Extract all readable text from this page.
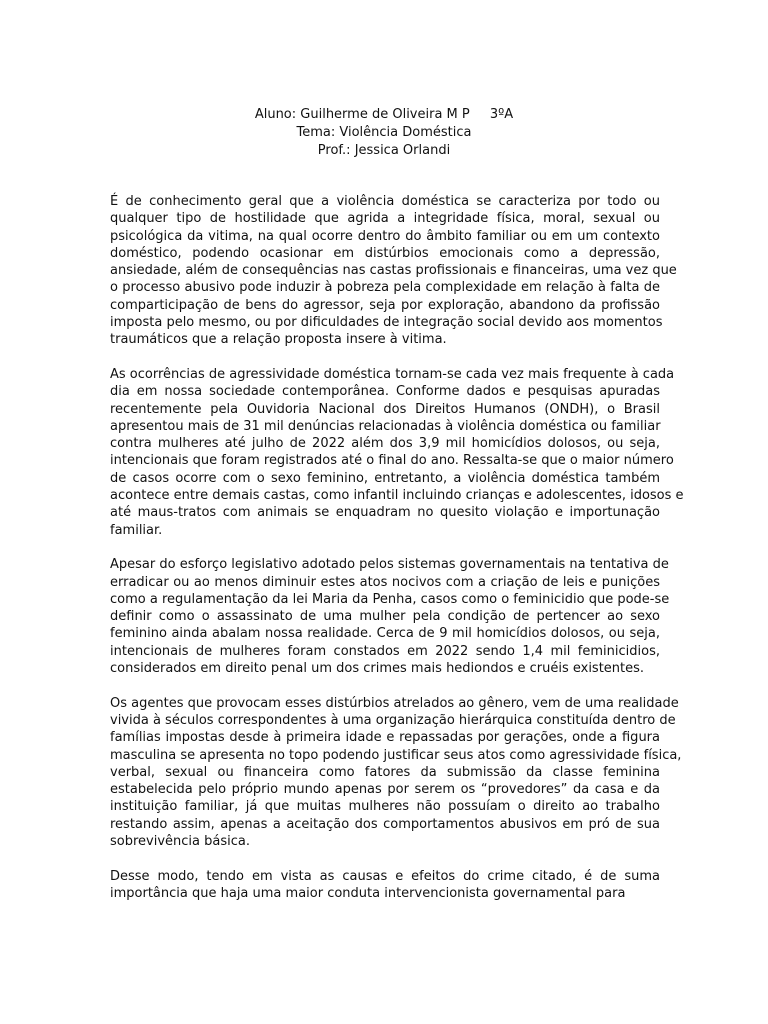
Aluno: Guilherme de Oliveira M P 3ºA
Tema: Violência Doméstica
Prof.: Jessica Orlandi
É de conhecimento geral que a violência doméstica se caracteriza por todo ou
qualquer tipo de hostilidade que agrida a integridade física, moral, sexual ou
psicológica da vitima, na qual ocorre dentro do âmbito familiar ou em um contexto
doméstico, podendo ocasionar em distúrbios emocionais como a depressão,
ansiedade, além de consequências nas castas profissionais e financeiras, uma vez que
o processo abusivo pode induzir à pobreza pela complexidade em relação à falta de
comparticipação de bens do agressor, seja por exploração, abandono da profissão
imposta pelo mesmo, ou por dificuldades de integração social devido aos momentos
traumáticos que a relação proposta insere à vitima.
As ocorrências de agressividade doméstica tornam-se cada vez mais frequente à cada
dia em nossa sociedade contemporânea. Conforme dados e pesquisas apuradas
recentemente pela Ouvidoria Nacional dos Direitos Humanos (ONDH), o Brasil
apresentou mais de 31 mil denúncias relacionadas à violência doméstica ou familiar
contra mulheres até julho de 2022 além dos 3,9 mil homicídios dolosos, ou seja,
intencionais que foram registrados até o final do ano. Ressalta-se que o maior número
de casos ocorre com o sexo feminino, entretanto, a violência doméstica também
acontece entre demais castas, como infantil incluindo crianças e adolescentes, idosos e
até maus-tratos com animais se enquadram no quesito violação e importunação
familiar.
Apesar do esforço legislativo adotado pelos sistemas governamentais na tentativa de
erradicar ou ao menos diminuir estes atos nocivos com a criação de leis e punições
como a regulamentação da lei Maria da Penha, casos como o feminicidio que pode-se
definir como o assassinato de uma mulher pela condição de pertencer ao sexo
feminino ainda abalam nossa realidade. Cerca de 9 mil homicídios dolosos, ou seja,
intencionais de mulheres foram constados em 2022 sendo 1,4 mil feminicidios,
considerados em direito penal um dos crimes mais hediondos e cruéis existentes.
Os agentes que provocam esses distúrbios atrelados ao gênero, vem de uma realidade
vivida à séculos correspondentes à uma organização hierárquica constituída dentro de
famílias impostas desde à primeira idade e repassadas por gerações, onde a figura
masculina se apresenta no topo podendo justificar seus atos como agressividade física,
verbal, sexual ou financeira como fatores da submissão da classe feminina
estabelecida pelo próprio mundo apenas por serem os “provedores” da casa e da
instituição familiar, já que muitas mulheres não possuíam o direito ao trabalho
restando assim, apenas a aceitação dos comportamentos abusivos em pró de sua
sobrevivência básica.
Desse modo, tendo em vista as causas e efeitos do crime citado, é de suma
importância que haja uma maior conduta intervencionista governamental para
